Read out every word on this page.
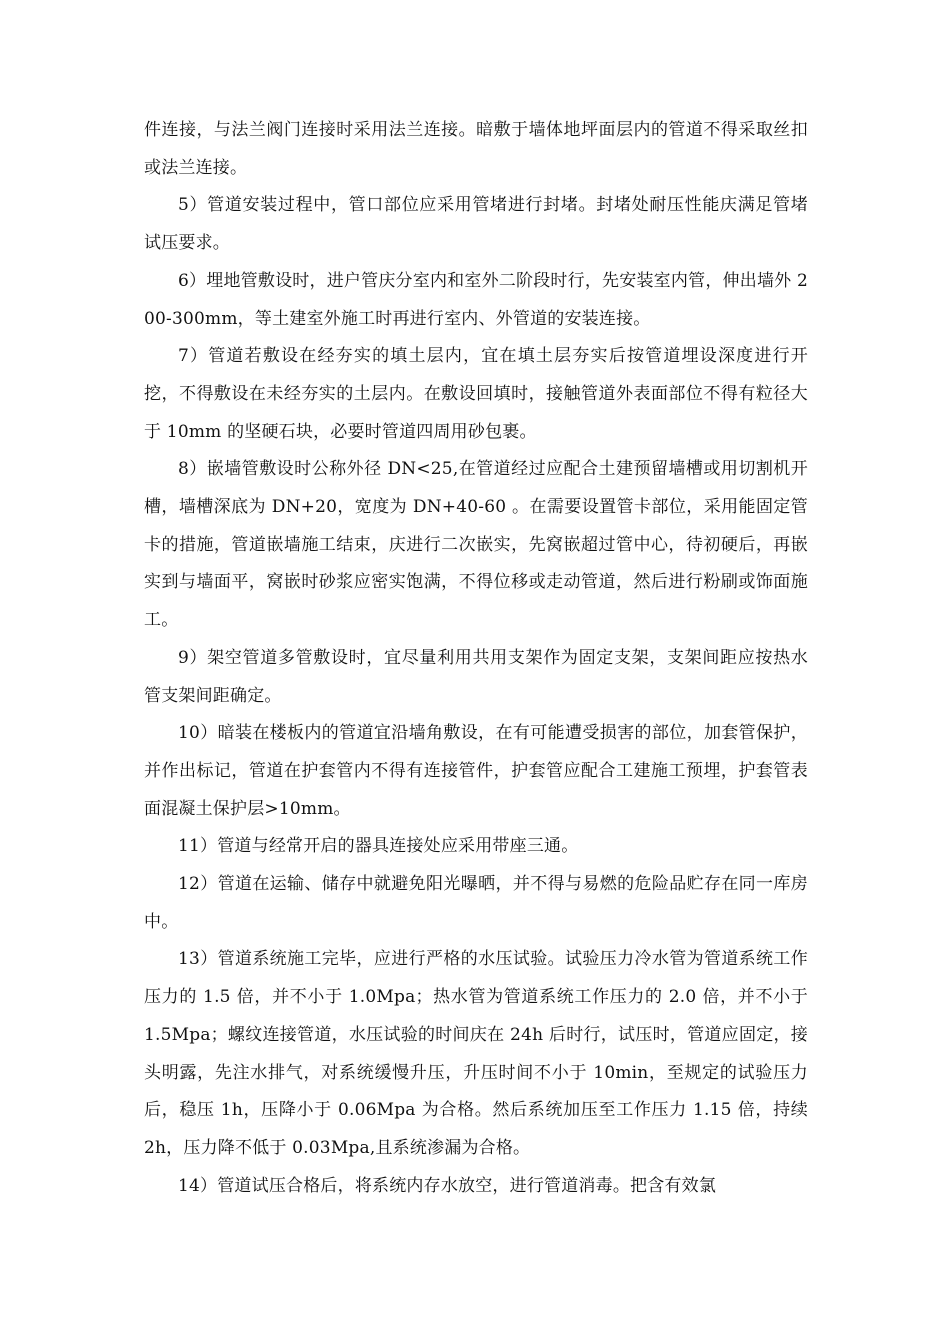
件连接，与法兰阀门连接时采用法兰连接。暗敷于墙体地坪面层内的管道不得采取丝扣或法兰连接。

5）管道安装过程中，管口部位应采用管堵进行封堵。封堵处耐压性能庆满足管堵试压要求。

6）埋地管敷设时，进户管庆分室内和室外二阶段时行，先安装室内管，伸出墙外 200-300mm，等土建室外施工时再进行室内、外管道的安装连接。

7）管道若敷设在经夯实的填土层内，宜在填土层夯实后按管道埋设深度进行开挖，不得敷设在未经夯实的土层内。在敷设回填时，接触管道外表面部位不得有粒径大于 10mm 的坚硬石块，必要时管道四周用砂包裹。

8）嵌墙管敷设时公称外径 DN<25,在管道经过应配合土建预留墙槽或用切割机开槽，墙槽深底为 DN+20，宽度为 DN+40-60 。在需要设置管卡部位，采用能固定管卡的措施，管道嵌墙施工结束，庆进行二次嵌实，先窝嵌超过管中心，待初硬后，再嵌实到与墙面平，窝嵌时砂浆应密实饱满，不得位移或走动管道，然后进行粉刷或饰面施工。

9）架空管道多管敷设时，宜尽量利用共用支架作为固定支架，支架间距应按热水管支架间距确定。

10）暗装在楼板内的管道宜沿墙角敷设，在有可能遭受损害的部位，加套管保护，并作出标记，管道在护套管内不得有连接管件，护套管应配合工建施工预埋，护套管表面混凝土保护层>10mm。

11）管道与经常开启的器具连接处应采用带座三通。

12）管道在运输、储存中就避免阳光曝晒，并不得与易燃的危险品贮存在同一库房中。

13）管道系统施工完毕，应进行严格的水压试验。试验压力冷水管为管道系统工作压力的 1.5 倍，并不小于 1.0Mpa；热水管为管道系统工作压力的 2.0 倍，并不小于 1.5Mpa；螺纹连接管道，水压试验的时间庆在 24h 后时行，试压时，管道应固定，接头明露，先注水排气，对系统缓慢升压，升压时间不小于 10min，至规定的试验压力后，稳压 1h，压降小于 0.06Mpa 为合格。然后系统加压至工作压力 1.15 倍，持续 2h，压力降不低于 0.03Mpa,且系统渗漏为合格。

14）管道试压合格后，将系统内存水放空，进行管道消毒。把含有效氯
